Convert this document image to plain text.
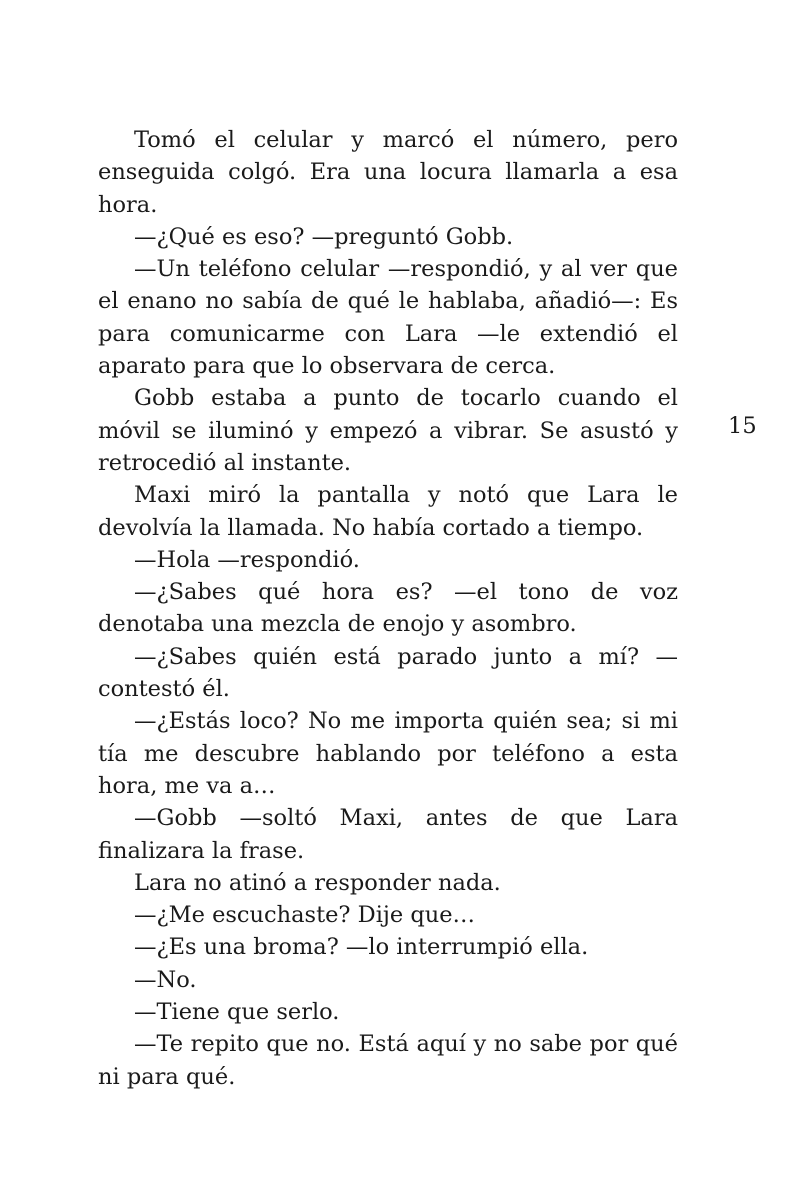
Tomó el celular y marcó el número, pero enseguida colgó. Era una locura llamarla a esa hora.

—¿Qué es eso? —preguntó Gobb.

—Un teléfono celular —respondió, y al ver que el enano no sabía de qué le hablaba, añadió—: Es para comunicarme con Lara —le extendió el aparato para que lo observara de cerca.

Gobb estaba a punto de tocarlo cuando el móvil se iluminó y empezó a vibrar. Se asustó y retrocedió al instante.

Maxi miró la pantalla y notó que Lara le devolvía la llamada. No había cortado a tiempo.

—Hola —respondió.

—¿Sabes qué hora es? —el tono de voz denotaba una mezcla de enojo y asombro.

—¿Sabes quién está parado junto a mí? —contestó él.

—¿Estás loco? No me importa quién sea; si mi tía me descubre hablando por teléfono a esta hora, me va a…

—Gobb —soltó Maxi, antes de que Lara finalizara la frase.

Lara no atinó a responder nada.

—¿Me escuchaste? Dije que…

—¿Es una broma? —lo interrumpió ella.

—No.

—Tiene que serlo.

—Te repito que no. Está aquí y no sabe por qué ni para qué.

15
